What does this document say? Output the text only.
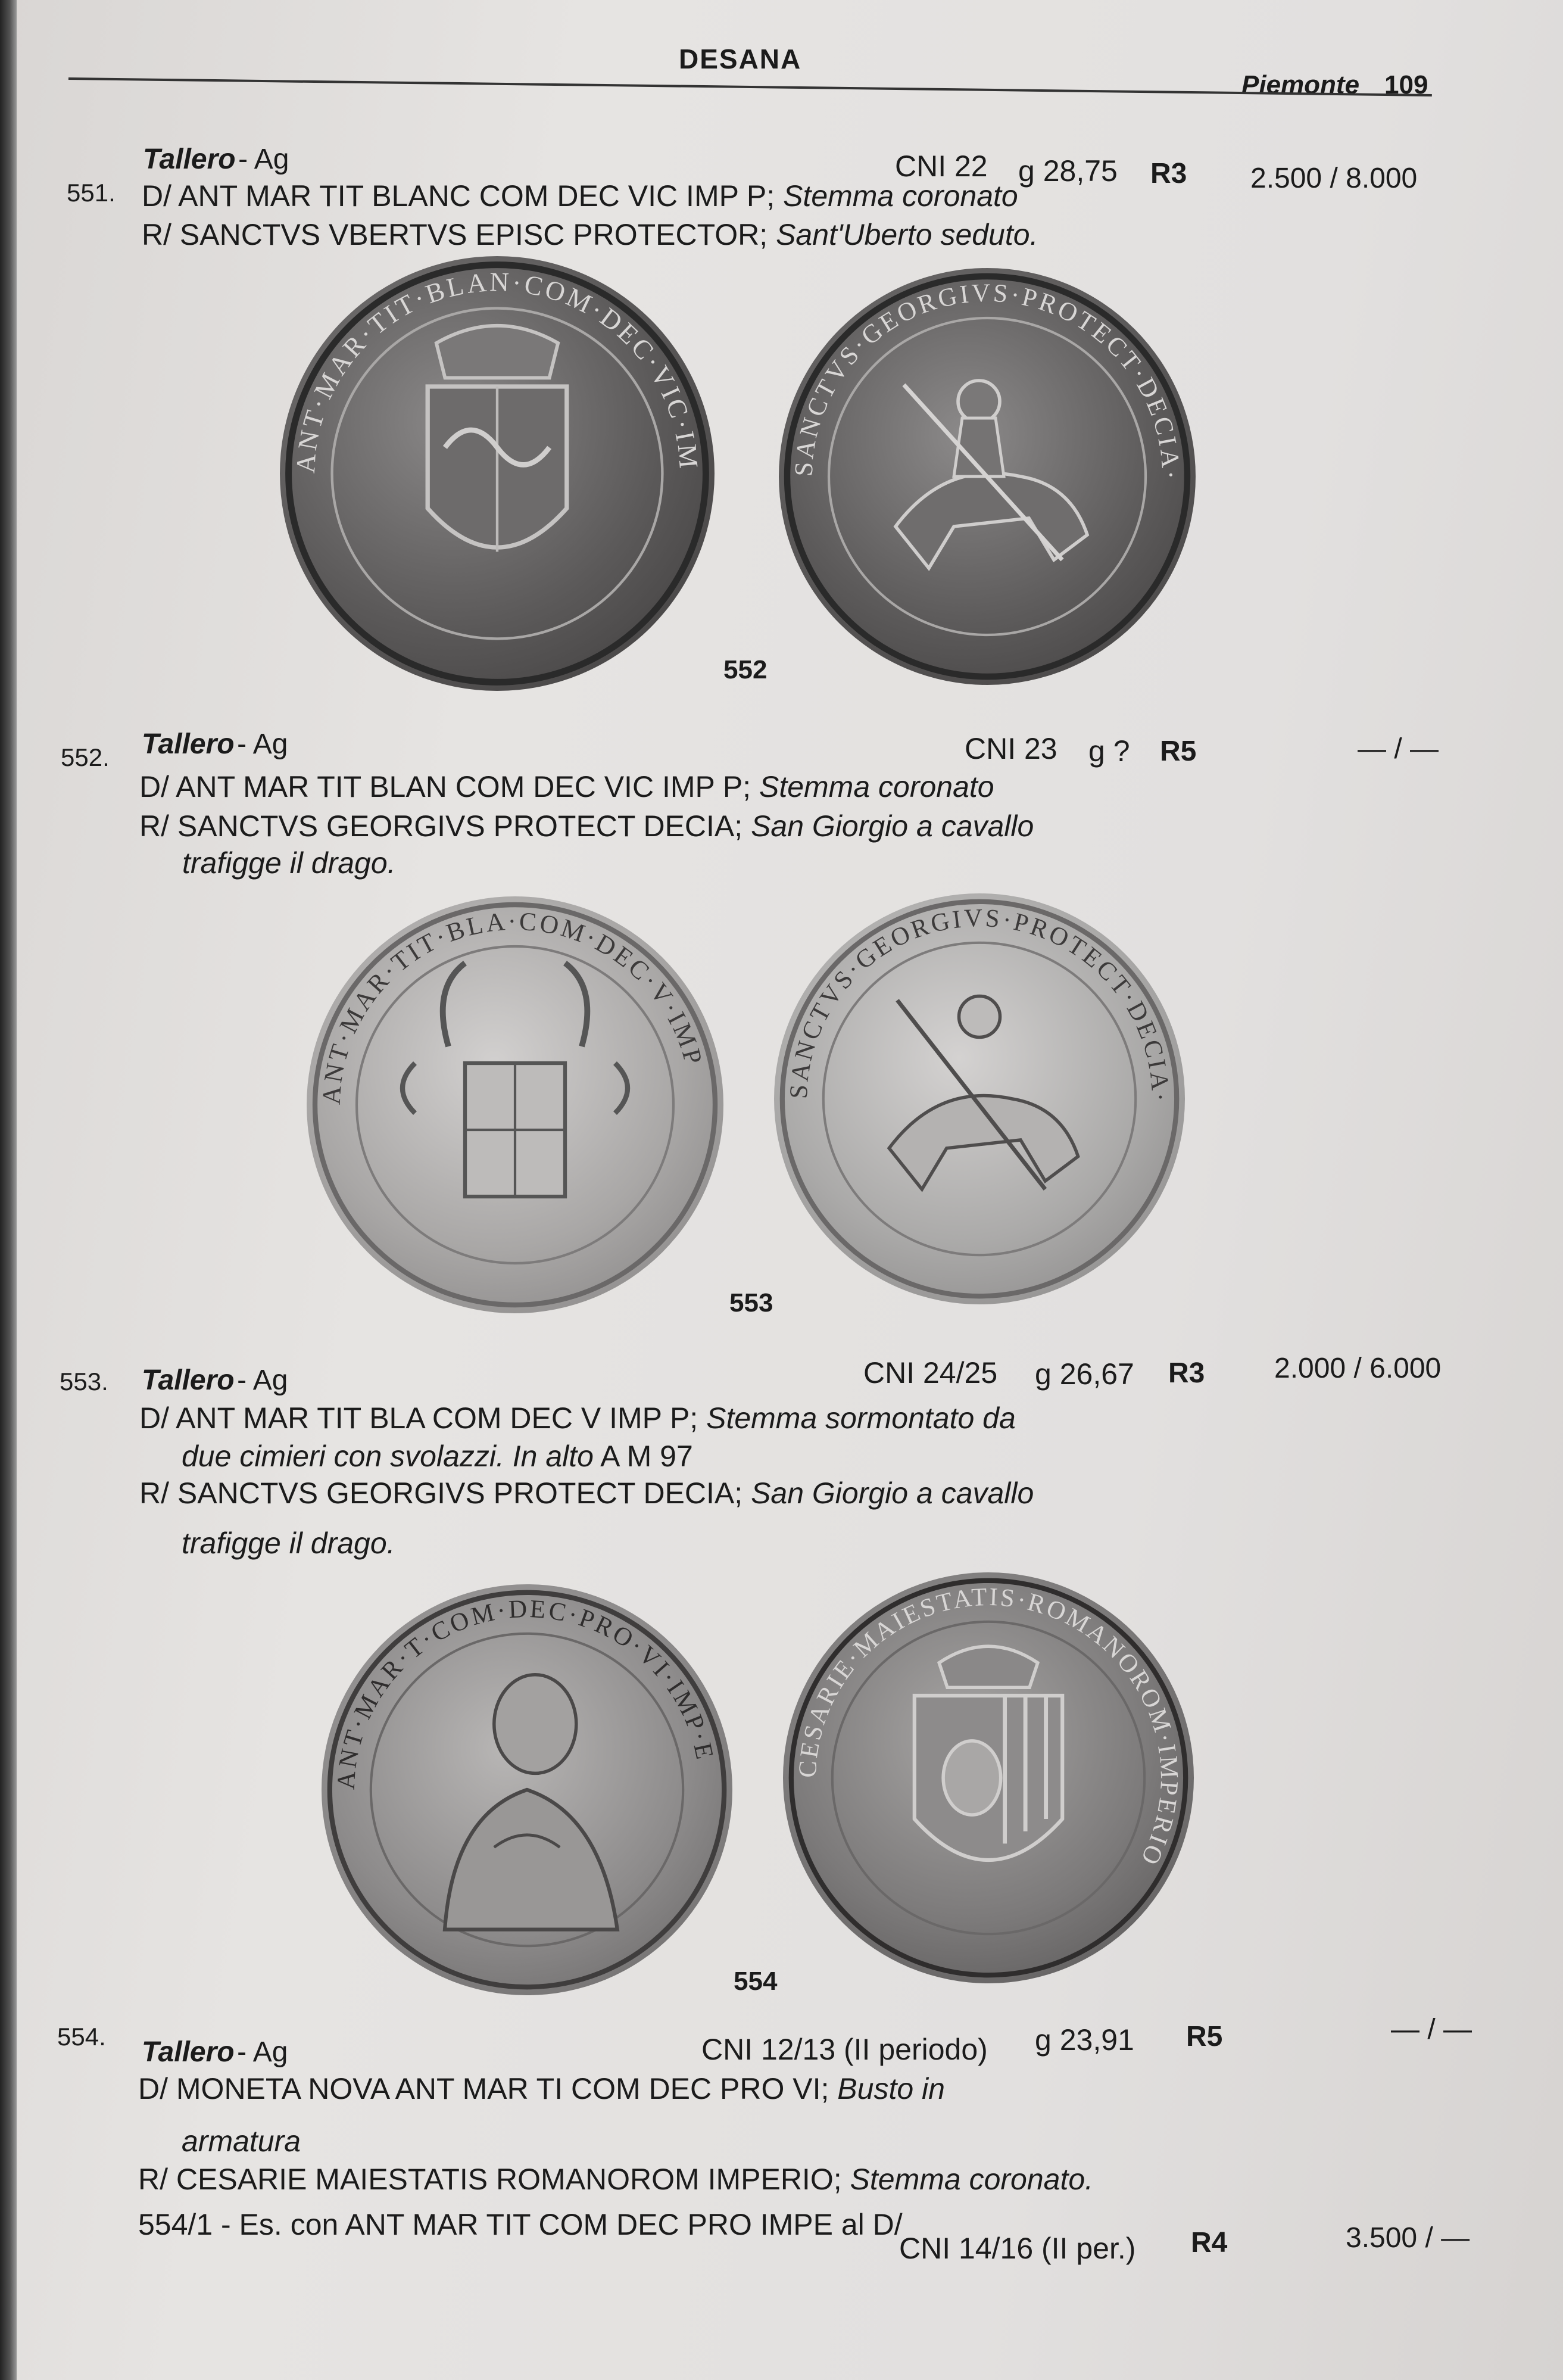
DESANA
Piemonte 109
551.
Tallero - Ag	CNI 22 g 28,75 R3 2.500 / 8.000
D/ ANT MAR TIT BLANC COM DEC VIC IMP P; Stemma coronato
R/ SANCTVS VBERTVS EPISC PROTECTOR; Sant'Uberto seduto.
ANT·MAR·TIT·BLAN·COM·DEC·VIC·IM	SANCTVS·GEORGIVS·PROTECT·DECIA·
552
552. Tallero - Ag	CNI 23 g ? R5	— / —
D/ ANT MAR TIT BLAN COM DEC VIC IMP P; Stemma coronato
R/ SANCTVS GEORGIVS PROTECT DECIA; San Giorgio a cavallo
trafigge il drago.
ANT·MAR·TIT·BLA·COM·DEC·V·IMP
SANCTVS·GEORGIVS·PROTECT·DECIA·
553
553. Tallero - Ag	CNI 24/25 g 26,67 R3 2.000 / 6.000
D/ ANT MAR TIT BLA COM DEC V IMP P; Stemma sormontato da
due cimieri con svolazzi. In alto A M 97
R/ SANCTVS GEORGIVS PROTECT DECIA; San Giorgio a cavallo
trafigge il drago.
ANT·MAR·T·COM·DEC·PRO·VI·IMP·E
CESARIE·MAIESTATIS·ROMANOROM·IMPERIO
554
554. Tallero - Ag	CNI 12/13 (II periodo) g 23,91 R5	— / —
D/ MONETA NOVA ANT MAR TI COM DEC PRO VI; Busto in
armatura
R/ CESARIE MAIESTATIS ROMANOROM IMPERIO; Stemma coronato.
554/1 - Es. con ANT MAR TIT COM DEC PRO IMPE al D/
CNI 14/16 (II per.) R4	3.500 / —
